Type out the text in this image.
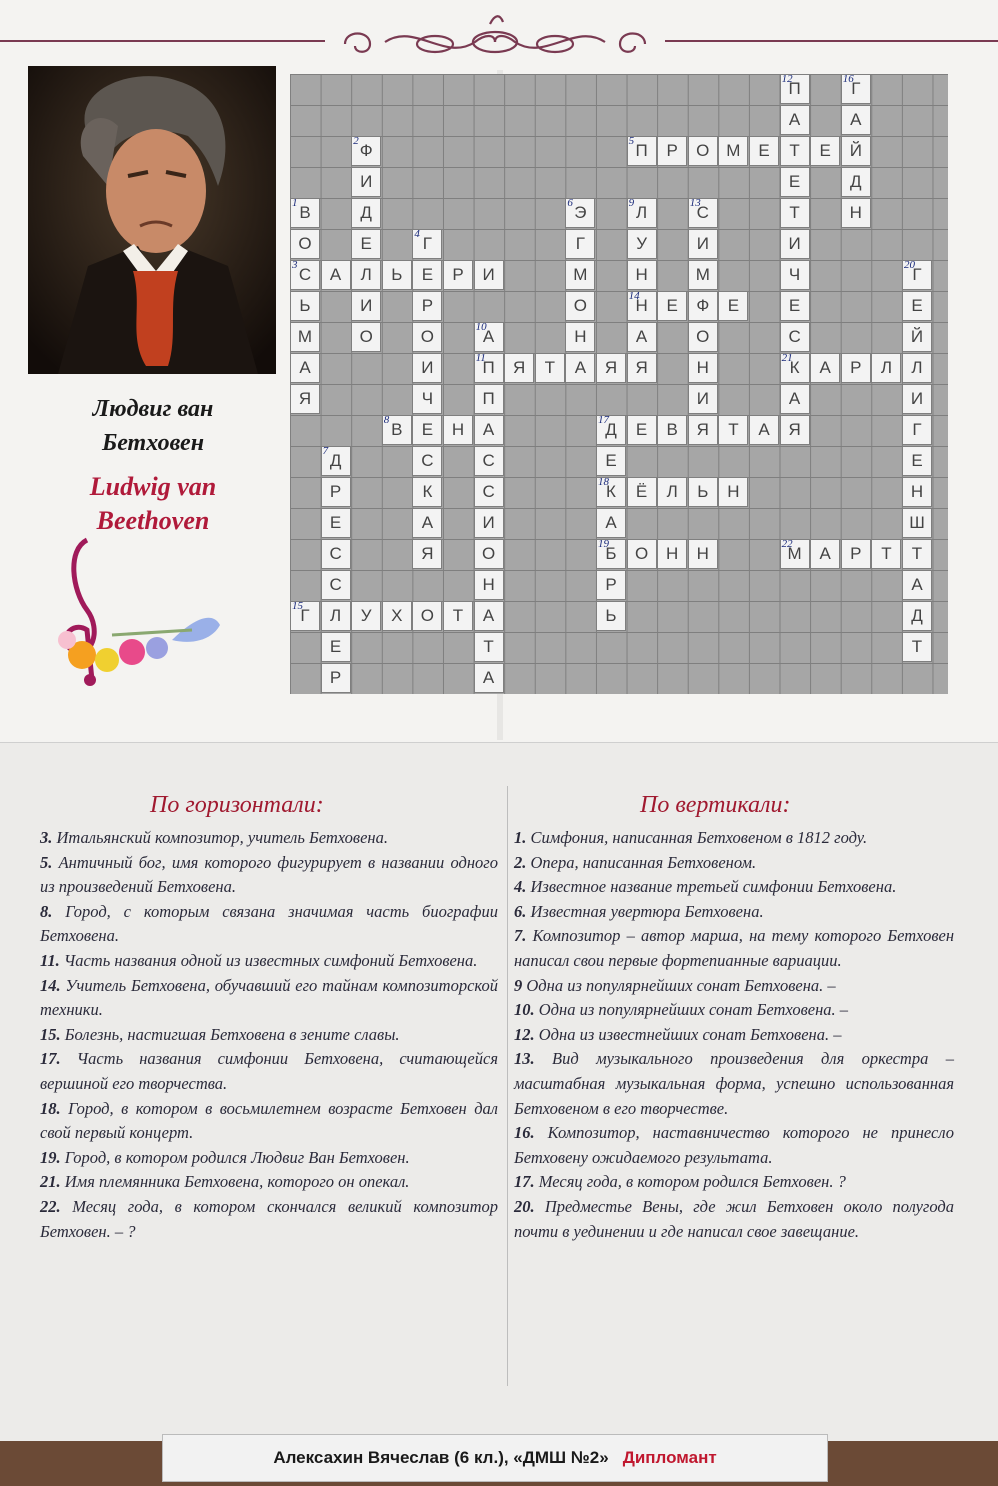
Людвиг ван Бетховен
Ludwig van Beethoven
В
1
О
С
3
Ь
М
А
Я
Ф
2
И
Д
Е
Л
И
О
А	Ь Е Р И
Г
4
Р
О
И
Ч
Е
С
К
А
Я
П
5 Р О М Е Т Е Й
Э
6
Г
М
О
Н
А
Д
7
Р
Е
С
С
Л
Е
Р
В
8	Н А
Л
9
У
Н
Н
14
А
Я
А
10
П
11
П
С
С
И
О
Н
А
Т
А
Я Т	Я
П
12
А
Е
Т
И
Ч
Е
С
К
21
А
Я
С
13
И
М
Ф
О
Н
И
Я
Е	Е
Г
15	У Х О Т
Г
16
А
Д
Н
Д
17
Е
К
18
А
Б
19
Р
Ь
Е В	Т А
Ё Л Ь Н
О Н Н
Г
20
Е
Й
Л
И
Г
Е
Н
Ш
Т
А
Д
Т
А Р Л
М
22 А Р Т
По горизонтали:	По вертикали:

3. Итальянский композитор, учитель Бетховена.

5. Античный бог, имя которого фигурирует в названии одного из произведений Бетховена.

8. Город, с которым связана значимая часть биографии Бетховена.

11. Часть названия одной из известных симфоний Бетховена.

14. Учитель Бетховена, обучавший его тайнам композиторской техники.

15. Болезнь, настигшая Бетховена в зените славы.

17. Часть названия симфонии Бетховена, считающейся вершиной его творчества.

18. Город, в котором в восьмилетнем возрасте Бетховен дал свой первый концерт.

19. Город, в котором родился Людвиг Ван Бетховен.

21. Имя племянника Бетховена, которого он опекал.

22. Месяц года, в котором скончался великий композитор Бетховен. – ?

1. Симфония, написанная Бетховеном в 1812 году.

2. Опера, написанная Бетховеном.

4. Известное название третьей симфонии Бетховена.

6. Известная увертюра Бетховена.

7. Композитор – автор марша, на тему которого Бетховен написал свои первые фортепианные вариации.

9 Одна из популярнейших сонат Бетховена. –

10. Одна из популярнейших сонат Бетховена. –

12. Одна из известнейших сонат Бетховена. –

13. Вид музыкального произведения для оркестра – масштабная музыкальная форма, успешно использованная Бетховеном в его творчестве.

16. Композитор, наставничество которого не принесло Бетховену ожидаемого результата.

17. Месяц года, в котором родился Бетховен. ?

20. Предместье Вены, где жил Бетховен около полугода почти в уединении и где написал свое завещание.

Алексахин Вячеслав (6 кл.), «ДМШ №2» Дипломант
